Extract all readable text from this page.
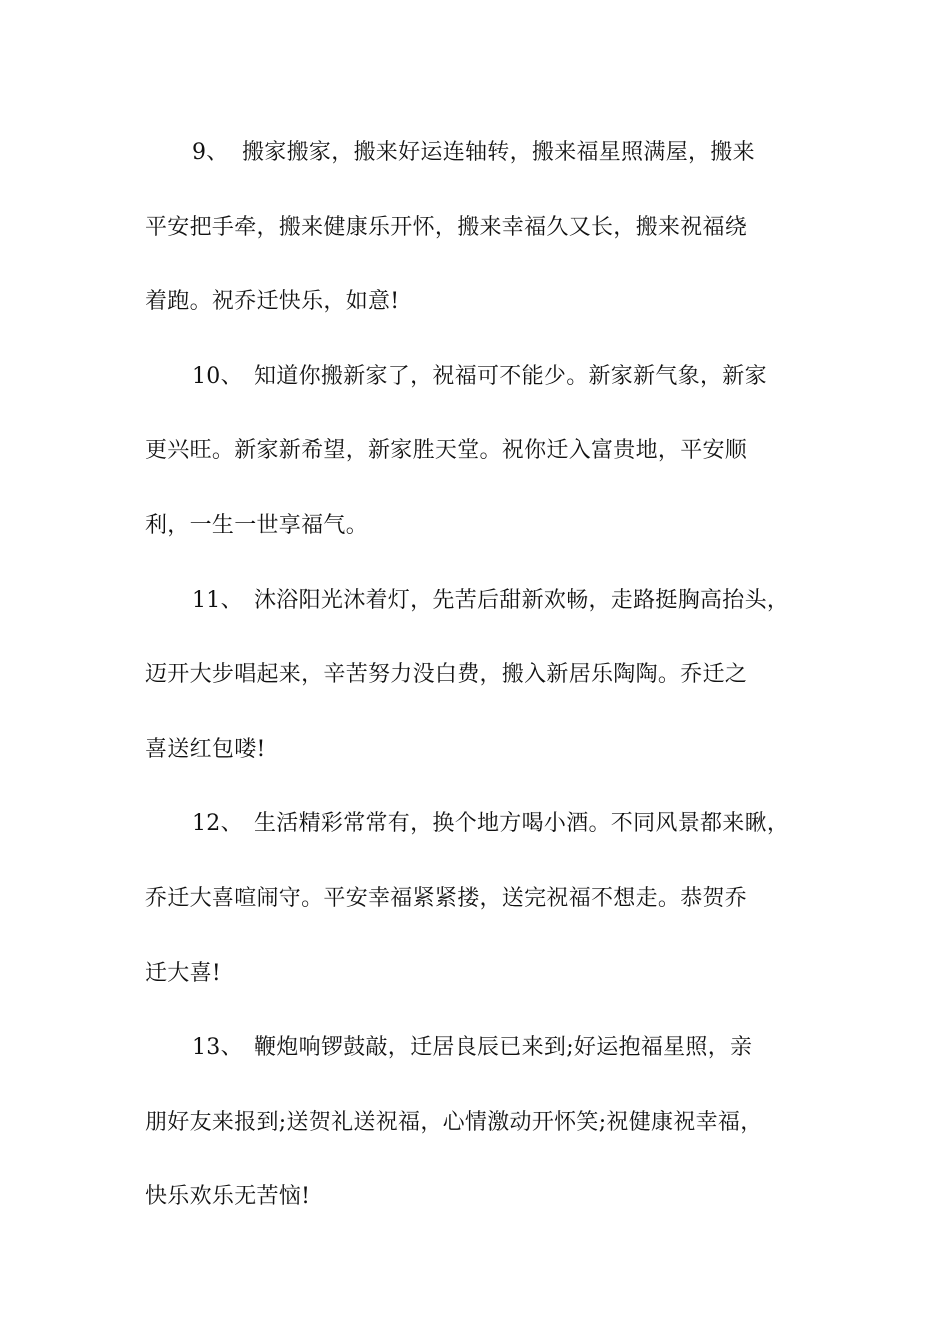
9、 搬家搬家，搬来好运连轴转，搬来福星照满屋，搬来
平安把手牵，搬来健康乐开怀，搬来幸福久又长，搬来祝福绕
着跑。祝乔迁快乐，如意!
10、 知道你搬新家了，祝福可不能少。新家新气象，新家
更兴旺。新家新希望，新家胜天堂。祝你迁入富贵地，平安顺
利，一生一世享福气。
11、 沐浴阳光沐着灯，先苦后甜新欢畅，走路挺胸高抬头，
迈开大步唱起来，辛苦努力没白费，搬入新居乐陶陶。乔迁之
喜送红包喽!
12、 生活精彩常常有，换个地方喝小酒。不同风景都来瞅，
乔迁大喜喧闹守。平安幸福紧紧搂，送完祝福不想走。恭贺乔
迁大喜!
13、 鞭炮响锣鼓敲，迁居良辰已来到;好运抱福星照，亲
朋好友来报到;送贺礼送祝福，心情激动开怀笑;祝健康祝幸福，
快乐欢乐无苦恼!
